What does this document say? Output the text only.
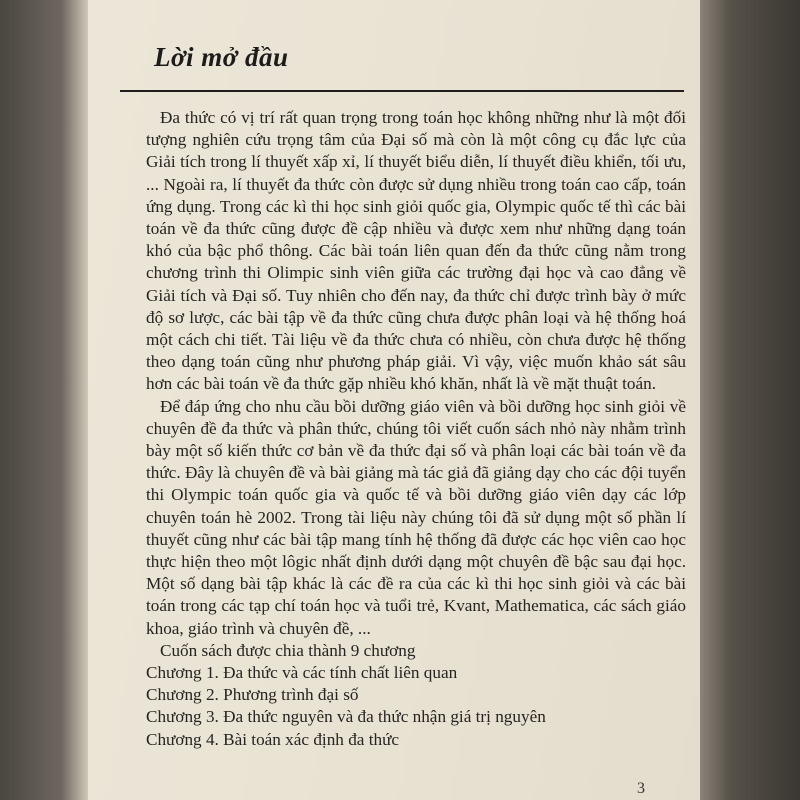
Lời mở đầu

Đa thức có vị trí rất quan trọng trong toán học không những như là một đối tượng nghiên cứu trọng tâm của Đại số mà còn là một công cụ đắc lực của Giải tích trong lí thuyết xấp xỉ, lí thuyết biểu diễn, lí thuyết điều khiển, tối ưu, ... Ngoài ra, lí thuyết đa thức còn được sử dụng nhiều trong toán cao cấp, toán ứng dụng. Trong các kì thi học sinh giỏi quốc gia, Olympic quốc tế thì các bài toán về đa thức cũng được đề cập nhiều và được xem như những dạng toán khó của bậc phổ thông. Các bài toán liên quan đến đa thức cũng nằm trong chương trình thi Olimpic sinh viên giữa các trường đại học và cao đẳng về Giải tích và Đại số. Tuy nhiên cho đến nay, đa thức chỉ được trình bày ở mức độ sơ lược, các bài tập về đa thức cũng chưa được phân loại và hệ thống hoá một cách chi tiết. Tài liệu về đa thức chưa có nhiều, còn chưa được hệ thống theo dạng toán cũng như phương pháp giải. Vì vậy, việc muốn khảo sát sâu hơn các bài toán về đa thức gặp nhiều khó khăn, nhất là về mặt thuật toán.

Để đáp ứng cho nhu cầu bồi dưỡng giáo viên và bồi dưỡng học sinh giỏi về chuyên đề đa thức và phân thức, chúng tôi viết cuốn sách nhỏ này nhằm trình bày một số kiến thức cơ bản về đa thức đại số và phân loại các bài toán về đa thức. Đây là chuyên đề và bài giảng mà tác giả đã giảng dạy cho các đội tuyển thi Olympic toán quốc gia và quốc tế và bồi dưỡng giáo viên dạy các lớp chuyên toán hè 2002. Trong tài liệu này chúng tôi đã sử dụng một số phần lí thuyết cũng như các bài tập mang tính hệ thống đã được các học viên cao học thực hiện theo một lôgic nhất định dưới dạng một chuyên đề bậc sau đại học. Một số dạng bài tập khác là các đề ra của các kì thi học sinh giỏi và các bài toán trong các tạp chí toán học và tuổi trẻ, Kvant, Mathematica, các sách giáo khoa, giáo trình và chuyên đề, ...

Cuốn sách được chia thành 9 chương
Chương 1. Đa thức và các tính chất liên quan
Chương 2. Phương trình đại số
Chương 3. Đa thức nguyên và đa thức nhận giá trị nguyên
Chương 4. Bài toán xác định đa thức
3
